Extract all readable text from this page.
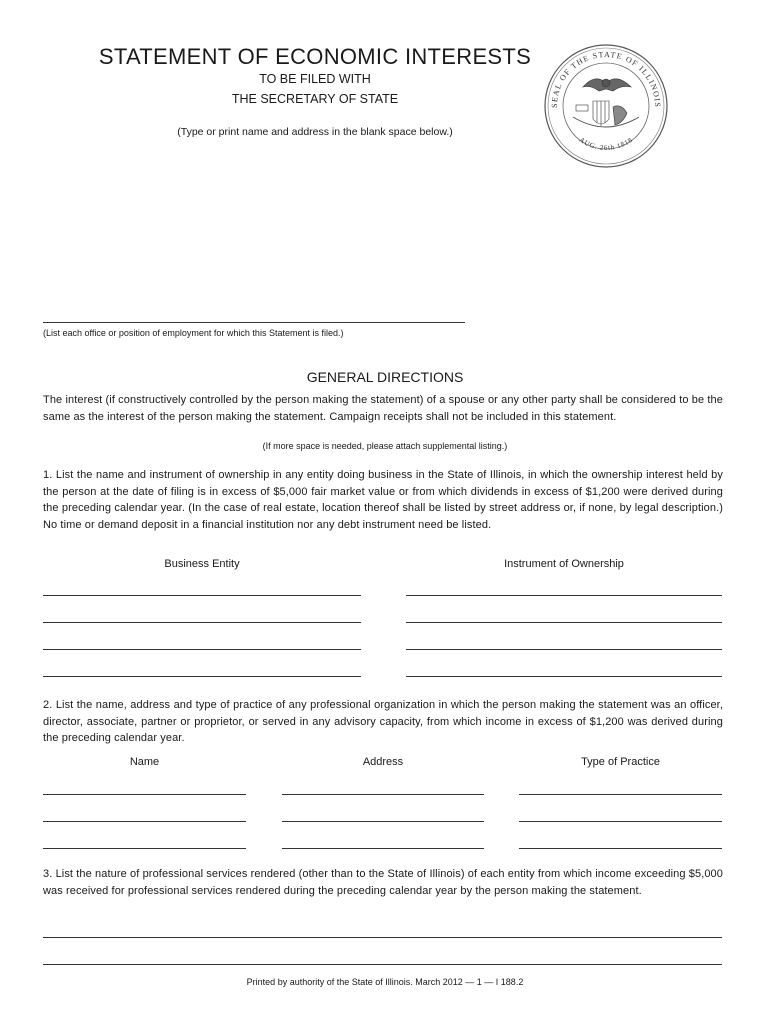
STATEMENT OF ECONOMIC INTERESTS
TO BE FILED WITH
THE SECRETARY OF STATE
(Type or print name and address in the blank space below.)
SEAL OF THE STATE OF ILLINOIS
AUG. 26th 1818
(List each office or position of employment for which this Statement is filed.)
GENERAL DIRECTIONS
The interest (if constructively controlled by the person making the statement) of a spouse or any other party shall be considered to be the same as the interest of the person making the statement. Campaign receipts shall not be included in this statement.
(If more space is needed, please attach supplemental listing.)
1. List the name and instrument of ownership in any entity doing business in the State of Illinois, in which the ownership interest held by the person at the date of filing is in excess of $5,000 fair market value or from which dividends in excess of $1,200 were derived during the preceding calendar year. (In the case of real estate, location thereof shall be listed by street address or, if none, by legal description.) No time or demand deposit in a financial institution nor any debt instrument need be listed.
Business Entity	Instrument of Ownership
2. List the name, address and type of practice of any professional organization in which the person making the statement was an officer, director, associate, partner or proprietor, or served in any advisory capacity, from which income in excess of $1,200 was derived during the preceding calendar year.
Name	Address	Type of Practice
3. List the nature of professional services rendered (other than to the State of Illinois) of each entity from which income exceeding $5,000 was received for professional services rendered during the preceding calendar year by the person making the statement.
Printed by authority of the State of Illinois. March 2012 — 1 — I 188.2
